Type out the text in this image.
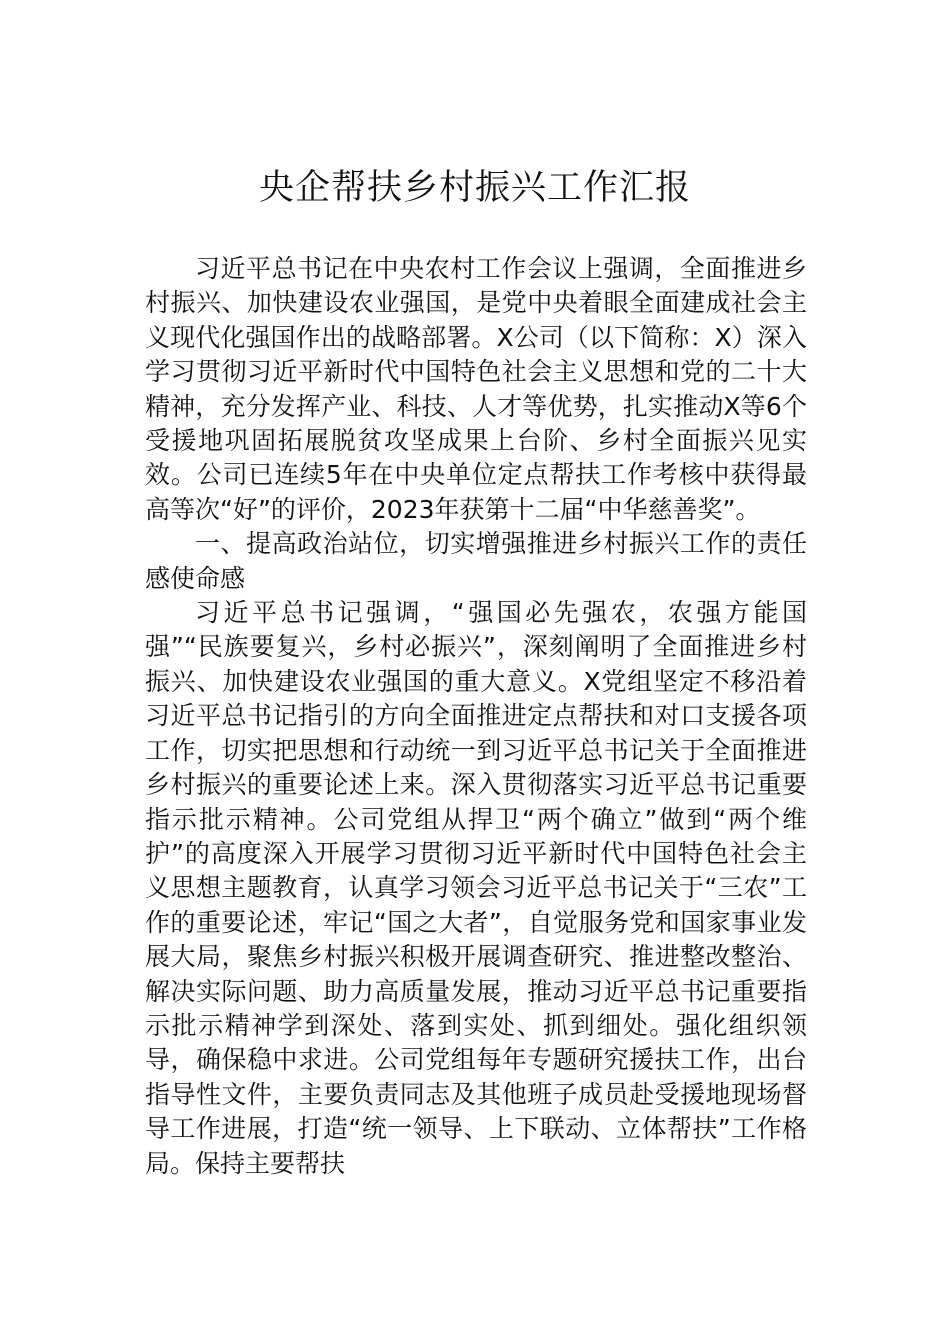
央企帮扶乡村振兴工作汇报

习近平总书记在中央农村工作会议上强调，全面推进乡村振兴、加快建设农业强国，是党中央着眼全面建成社会主义现代化强国作出的战略部署。X公司（以下简称：X）深入学习贯彻习近平新时代中国特色社会主义思想和党的二十大精神，充分发挥产业、科技、人才等优势，扎实推动X等6个受援地巩固拓展脱贫攻坚成果上台阶、乡村全面振兴见实效。公司已连续5年在中央单位定点帮扶工作考核中获得最高等次“好”的评价，2023年获第十二届“中华慈善奖”。

一、提高政治站位，切实增强推进乡村振兴工作的责任感使命感

习近平总书记强调，“强国必先强农，农强方能国强”“民族要复兴，乡村必振兴”，深刻阐明了全面推进乡村振兴、加快建设农业强国的重大意义。X党组坚定不移沿着习近平总书记指引的方向全面推进定点帮扶和对口支援各项工作，切实把思想和行动统一到习近平总书记关于全面推进乡村振兴的重要论述上来。深入贯彻落实习近平总书记重要指示批示精神。公司党组从捍卫“两个确立”做到“两个维护”的高度深入开展学习贯彻习近平新时代中国特色社会主义思想主题教育，认真学习领会习近平总书记关于“三农”工作的重要论述，牢记“国之大者”，自觉服务党和国家事业发展大局，聚焦乡村振兴积极开展调查研究、推进整改整治、解决实际问题、助力高质量发展，推动习近平总书记重要指示批示精神学到深处、落到实处、抓到细处。强化组织领导，确保稳中求进。公司党组每年专题研究援扶工作，出台指导性文件，主要负责同志及其他班子成员赴受援地现场督导工作进展，打造“统一领导、上下联动、立体帮扶”工作格局。保持主要帮扶
